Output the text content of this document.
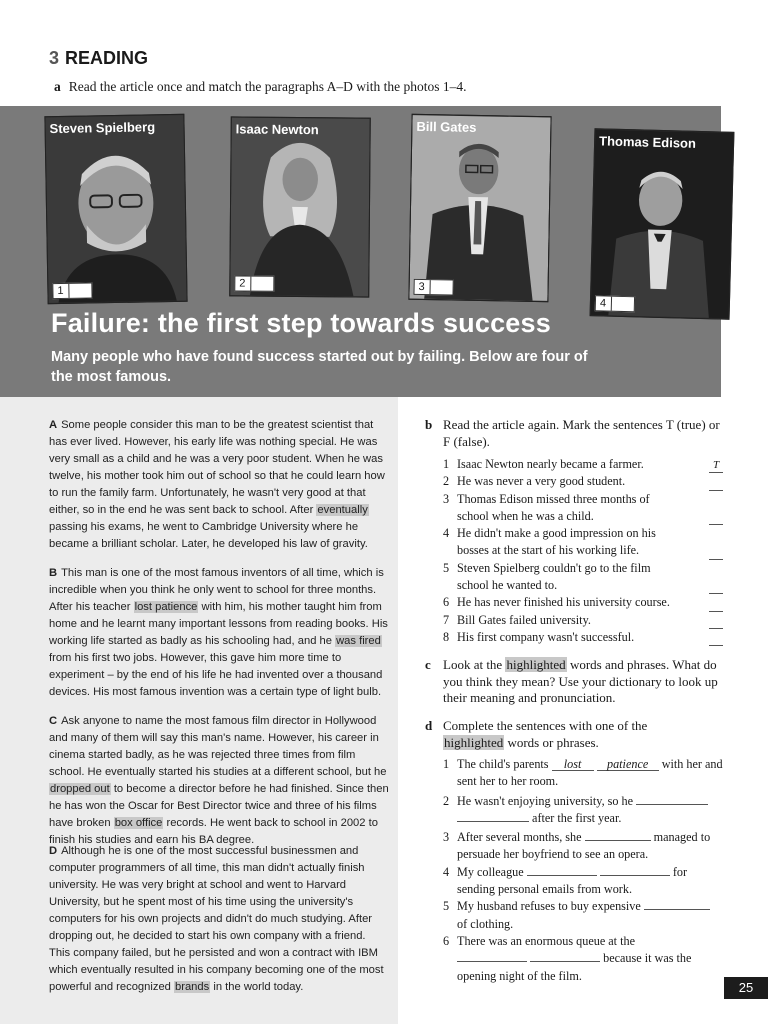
3 READING
a Read the article once and match the paragraphs A–D with the photos 1–4.
Steven Spielberg
1
Isaac Newton
2
Bill Gates
3
Thomas Edison
4
Failure: the first step towards success
Many people who have found success started out by failing. Below are four of the most famous.
A Some people consider this man to be the greatest scientist that has ever lived. However, his early life was nothing special. He was very small as a child and he was a very poor student. When he was twelve, his mother took him out of school so that he could learn how to run the family farm. Unfortunately, he wasn't very good at that either, so in the end he was sent back to school. After eventually passing his exams, he went to Cambridge University where he became a brilliant scholar. Later, he developed his law of gravity.
B This man is one of the most famous inventors of all time, which is incredible when you think he only went to school for three months. After his teacher lost patience with him, his mother taught him from home and he learnt many important lessons from reading books. His working life started as badly as his schooling had, and he was fired from his first two jobs. However, this gave him more time to experiment – by the end of his life he had invented over a thousand devices. His most famous invention was a certain type of light bulb.
C Ask anyone to name the most famous film director in Hollywood and many of them will say this man's name. However, his career in cinema started badly, as he was rejected three times from film school. He eventually started his studies at a different school, but he dropped out to become a director before he had finished. Since then he has won the Oscar for Best Director twice and three of his films have broken box office records. He went back to school in 2002 to finish his studies and earn his BA degree.
D Although he is one of the most successful businessmen and computer programmers of all time, this man didn't actually finish university. He was very bright at school and went to Harvard University, but he spent most of his time using the university's computers for his own projects and didn't do much studying. After dropping out, he decided to start his own company with a friend. This company failed, but he persisted and won a contract with IBM which eventually resulted in his company becoming one of the most powerful and recognized brands in the world today.
b Read the article again. Mark the sentences T (true) or F (false).
1 Isaac Newton nearly became a farmer.	T
2 He was never a very good student.
3 Thomas Edison missed three months of school when he was a child.
4 He didn't make a good impression on his bosses at the start of his working life.
5 Steven Spielberg couldn't go to the film school he wanted to.
6 He has never finished his university course.
7 Bill Gates failed university.
8 His first company wasn't successful.
c Look at the highlighted words and phrases. What do you think they mean? Use your dictionary to look up their meaning and pronunciation.
d Complete the sentences with one of the highlighted words or phrases.
1 The child's parents lost patience with her and sent her to her room.
2 He wasn't enjoying university, so he
after the first year.
3 After several months, she	managed to persuade her boyfriend to see an opera.
4 My colleague	for sending personal emails from work.
5 My husband refuses to buy expensive  of clothing.
6 There was an enormous queue at the
because it was the opening night of the film.
25
